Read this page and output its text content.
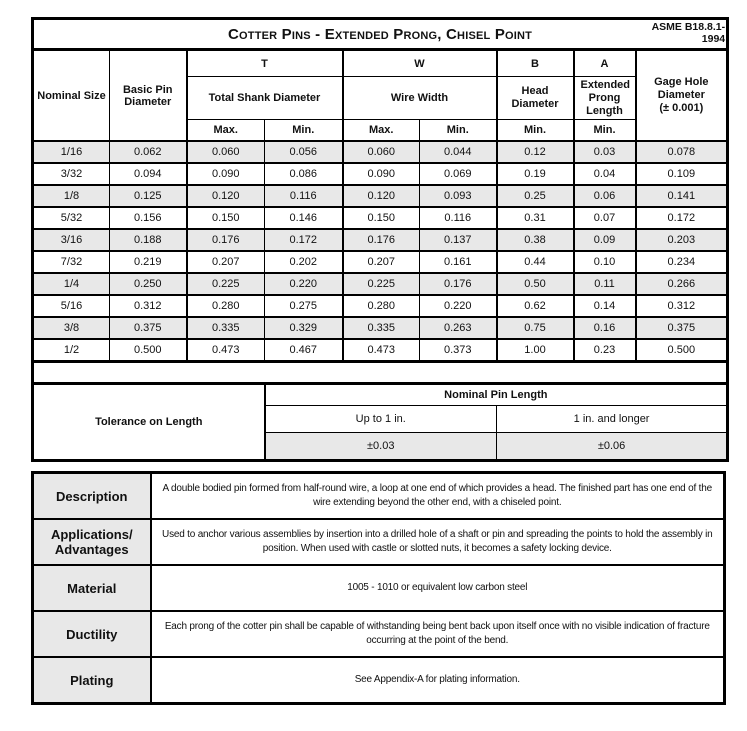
Cotter Pins - Extended Prong, Chisel Point ASME B18.8.1-
1994								

Nominal Size	Basic Pin Diameter	T		W		B	A	Gage Hole Diameter
(± 0.001)

		Total Shank Diameter		Wire Width		Head Diameter	Extended Prong Length	
		Max.	Min.	Max.	Min.	Min.	Min.	
1/16	0.062	0.060	0.056	0.060	0.044	0.12	0.03	0.078
3/32	0.094	0.090	0.086	0.090	0.069	0.19	0.04	0.109
1/8	0.125	0.120	0.116	0.120	0.093	0.25	0.06	0.141
5/32	0.156	0.150	0.146	0.150	0.116	0.31	0.07	0.172
3/16	0.188	0.176	0.172	0.176	0.137	0.38	0.09	0.203
7/32	0.219	0.207	0.202	0.207	0.161	0.44	0.10	0.234
1/4	0.250	0.225	0.220	0.225	0.176	0.50	0.11	0.266
5/16	0.312	0.280	0.275	0.280	0.220	0.62	0.14	0.312
3/8	0.375	0.335	0.329	0.335	0.263	0.75	0.16	0.375
1/2	0.500	0.473	0.467	0.473	0.373	1.00	0.23	0.500

Tolerance on Length			Nominal Pin Length					
			Up to 1 in.			1 in. and longer		
			±0.03			±0.06		
Description	A double bodied pin formed from half-round wire, a loop at one end of which provides a head. The finished part has one end of the wire extending beyond the other end, with a chiseled point.
Applications/ Advantages	Used to anchor various assemblies by insertion into a drilled hole of a shaft or pin and spreading the points to hold the assembly in position. When used with castle or slotted nuts, it becomes a safety locking device.
Material	1005 - 1010 or equivalent low carbon steel
Ductility	Each prong of the cotter pin shall be capable of withstanding being bent back upon itself once with no visible indication of fracture occurring at the point of the bend.
Plating	See Appendix-A for plating information.
